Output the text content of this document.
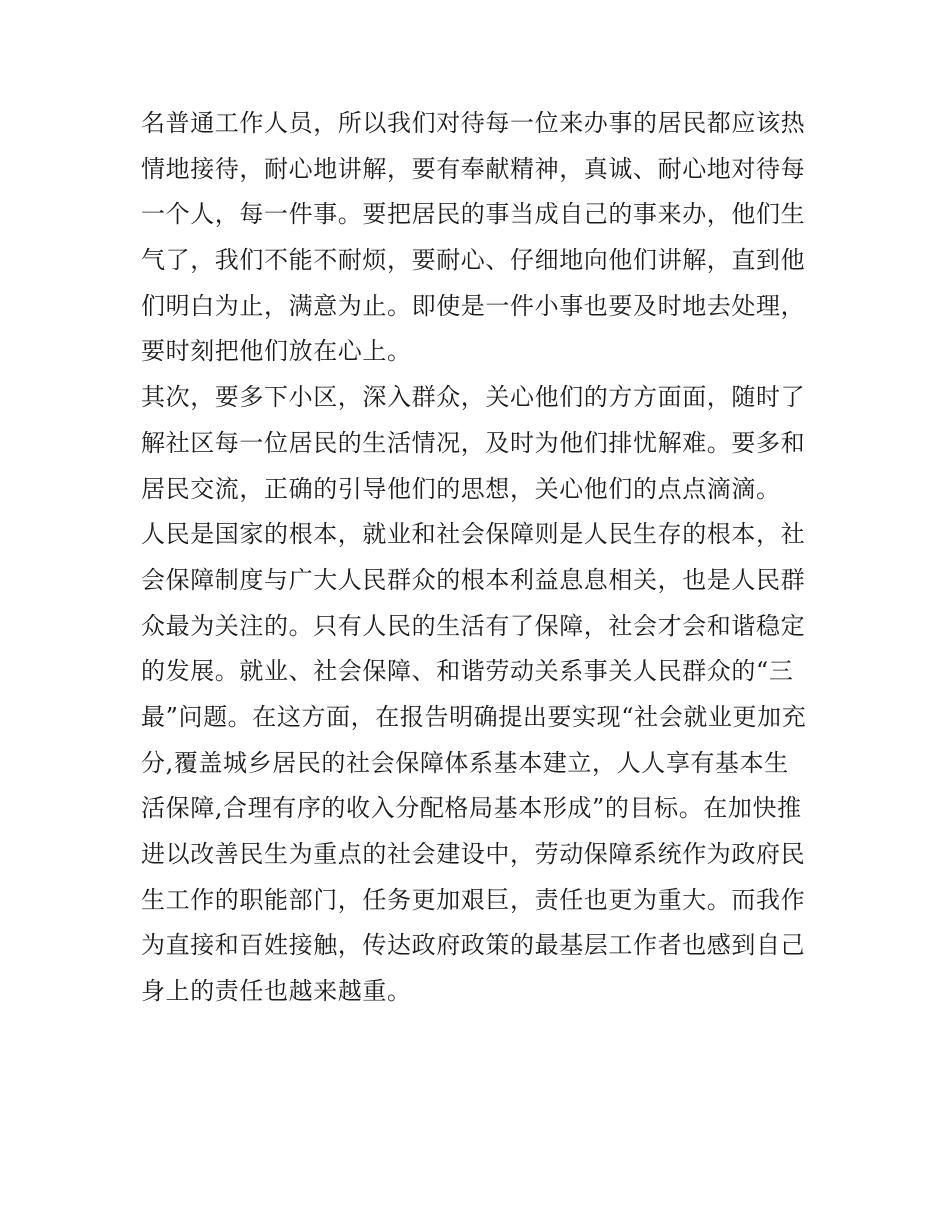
名普通工作人员，所以我们对待每一位来办事的居民都应该热
情地接待，耐心地讲解，要有奉献精神，真诚、耐心地对待每
一个人，每一件事。要把居民的事当成自己的事来办，他们生
气了，我们不能不耐烦，要耐心、仔细地向他们讲解，直到他
们明白为止，满意为止。即使是一件小事也要及时地去处理，
要时刻把他们放在心上。
其次，要多下小区，深入群众，关心他们的方方面面，随时了
解社区每一位居民的生活情况，及时为他们排忧解难。要多和
居民交流，正确的引导他们的思想，关心他们的点点滴滴。
人民是国家的根本，就业和社会保障则是人民生存的根本，社
会保障制度与广大人民群众的根本利益息息相关，也是人民群
众最为关注的。只有人民的生活有了保障，社会才会和谐稳定
的发展。就业、社会保障、和谐劳动关系事关人民群众的“三
最”问题。在这方面，在报告明确提出要实现“社会就业更加充
分,覆盖城乡居民的社会保障体系基本建立，人人享有基本生
活保障,合理有序的收入分配格局基本形成”的目标。在加快推
进以改善民生为重点的社会建设中，劳动保障系统作为政府民
生工作的职能部门，任务更加艰巨，责任也更为重大。而我作
为直接和百姓接触，传达政府政策的最基层工作者也感到自己
身上的责任也越来越重。
